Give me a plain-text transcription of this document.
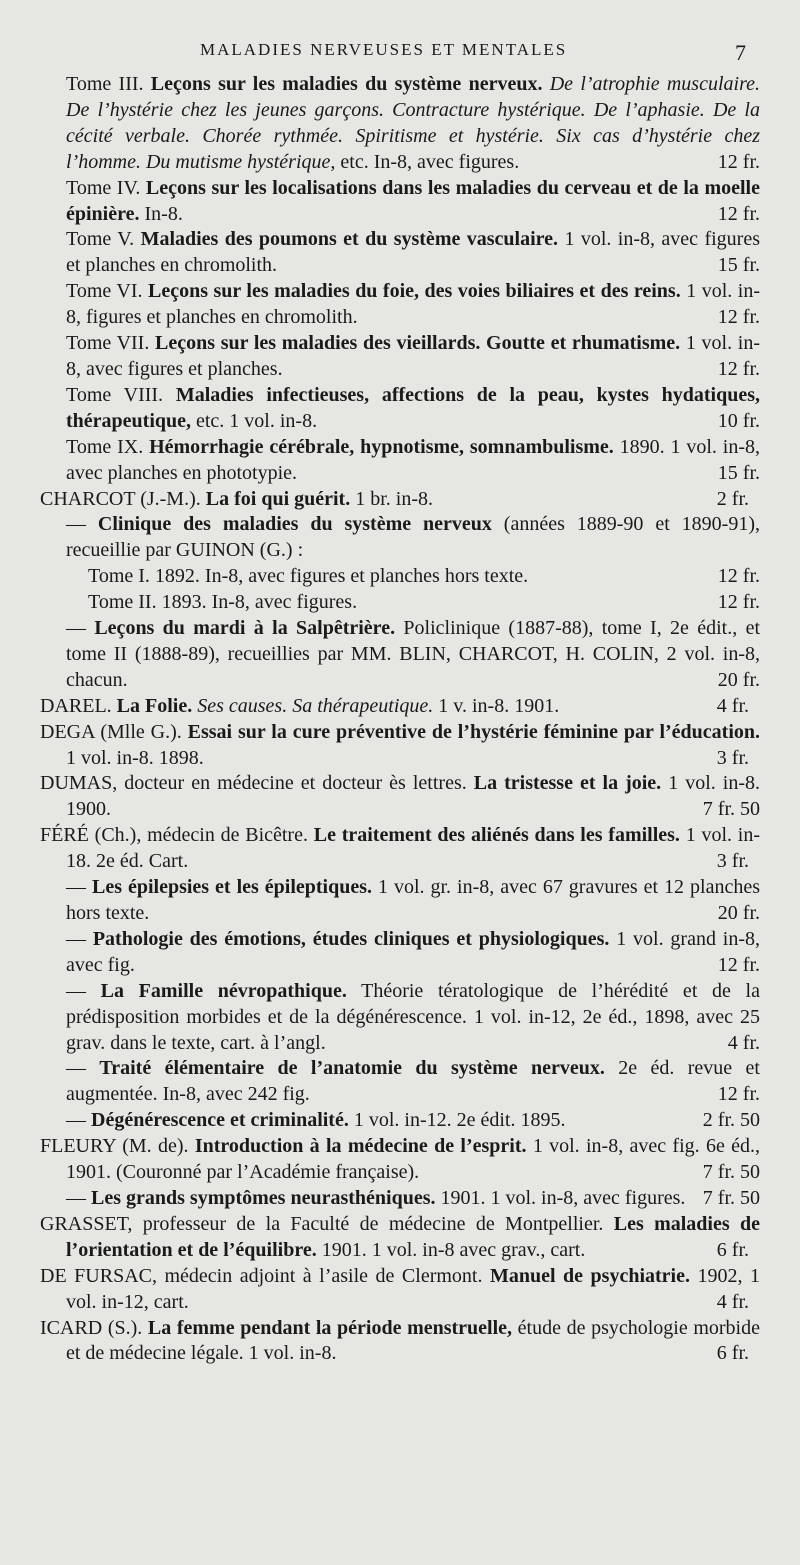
MALADIES NERVEUSES ET MENTALES	7
Tome III. Leçons sur les maladies du système nerveux. De l’atrophie musculaire. De l’hystérie chez les jeunes garçons. Contracture hystérique. De l’aphasie. De la cécité verbale. Chorée rythmée. Spiritisme et hystérie. Six cas d’hystérie chez l’homme. Du mutisme hystérique, etc. In-8, avec figures.	12 fr.
Tome IV. Leçons sur les localisations dans les maladies du cerveau et de la moelle épinière. In-8.	12 fr.
Tome V. Maladies des poumons et du système vasculaire. 1 vol. in-8, avec figures et planches en chromolith.	15 fr.
Tome VI. Leçons sur les maladies du foie, des voies biliaires et des reins. 1 vol. in-8, figures et planches en chromolith.	12 fr.
Tome VII. Leçons sur les maladies des vieillards. Goutte et rhumatisme. 1 vol. in-8, avec figures et planches.	12 fr.
Tome VIII. Maladies infectieuses, affections de la peau, kystes hydatiques, thérapeutique, etc. 1 vol. in-8.	10 fr.
Tome IX. Hémorrhagie cérébrale, hypnotisme, somnambulisme. 1890. 1 vol. in-8, avec planches en phototypie.	15 fr.
CHARCOT (J.-M.). La foi qui guérit. 1 br. in-8.	2 fr.
— Clinique des maladies du système nerveux (années 1889-90 et 1890-91), recueillie par GUINON (G.) :
Tome I. 1892. In-8, avec figures et planches hors texte.	12 fr.
Tome II. 1893. In-8, avec figures.	12 fr.
— Leçons du mardi à la Salpêtrière. Policlinique (1887-88), tome I, 2e édit., et tome II (1888-89), recueillies par MM. BLIN, CHARCOT, H. COLIN, 2 vol. in-8, chacun.	20 fr.
DAREL. La Folie. Ses causes. Sa thérapeutique. 1 v. in-8. 1901.	4 fr.
DEGA (Mlle G.). Essai sur la cure préventive de l’hystérie féminine par l’éducation. 1 vol. in-8. 1898.	3 fr.
DUMAS, docteur en médecine et docteur ès lettres. La tristesse et la joie. 1 vol. in-8. 1900.	7 fr. 50
FÉRÉ (Ch.), médecin de Bicêtre. Le traitement des aliénés dans les familles. 1 vol. in-18. 2e éd. Cart.	3 fr.
— Les épilepsies et les épileptiques. 1 vol. gr. in-8, avec 67 gravures et 12 planches hors texte.	20 fr.
— Pathologie des émotions, études cliniques et physiologiques. 1 vol. grand in-8, avec fig.	12 fr.
— La Famille névropathique. Théorie tératologique de l’hérédité et de la prédisposition morbides et de la dégénérescence. 1 vol. in-12, 2e éd., 1898, avec 25 grav. dans le texte, cart. à l’angl.	4 fr.
— Traité élémentaire de l’anatomie du système nerveux. 2e éd. revue et augmentée. In-8, avec 242 fig.	12 fr.
— Dégénérescence et criminalité. 1 vol. in-12. 2e édit. 1895.	2 fr. 50
FLEURY (M. de). Introduction à la médecine de l’esprit. 1 vol. in-8, avec fig. 6e éd., 1901. (Couronné par l’Académie française).	7 fr. 50
— Les grands symptômes neurasthéniques. 1901. 1 vol. in-8, avec figures. 7 fr. 50
GRASSET, professeur de la Faculté de médecine de Montpellier. Les maladies de l’orientation et de l’équilibre. 1901. 1 vol. in-8 avec grav., cart.	6 fr.
DE FURSAC, médecin adjoint à l’asile de Clermont. Manuel de psychiatrie. 1902, 1 vol. in-12, cart.	4 fr.
ICARD (S.). La femme pendant la période menstruelle, étude de psychologie morbide et de médecine légale. 1 vol. in-8.	6 fr.
